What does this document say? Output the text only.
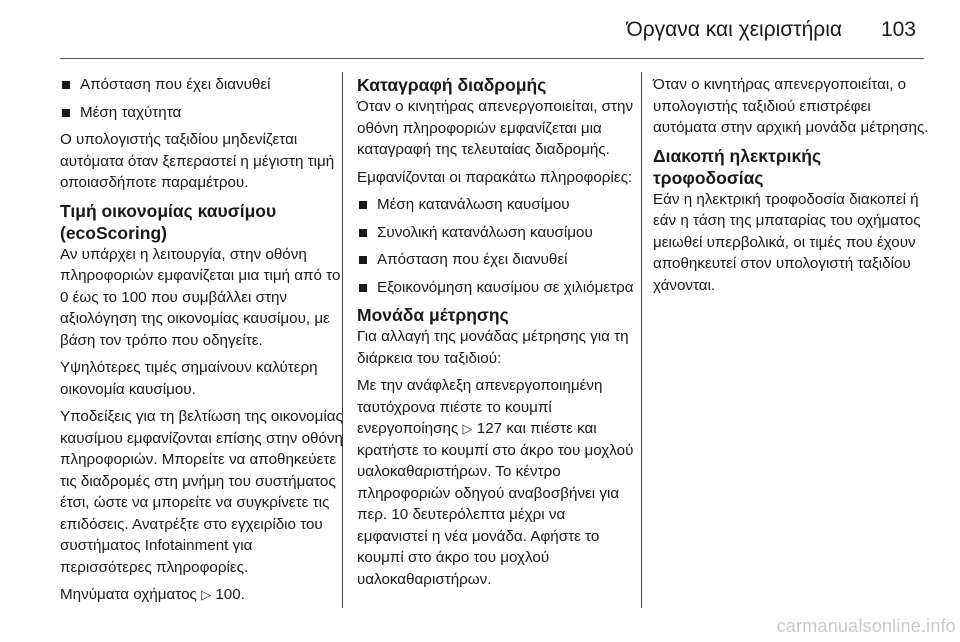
Όργανα και χειριστήρια 103
Απόσταση που έχει διανυθεί
Μέση ταχύτητα

Ο υπολογιστής ταξιδίου μηδενίζεται αυτόματα όταν ξεπεραστεί η μέγιστη τιμή οποιασδήποτε παραμέτρου.

Τιμή οικονομίας καυσίμου (ecoScoring)

Αν υπάρχει η λειτουργία, στην οθόνη πληροφοριών εμφανίζεται μια τιμή από το 0 έως το 100 που συμβάλλει στην αξιολόγηση της οικονομίας καυσίμου, με βάση τον τρόπο που οδηγείτε.

Υψηλότερες τιμές σημαίνουν καλύτερη οικονομία καυσίμου.

Υποδείξεις για τη βελτίωση της οικονομίας καυσίμου εμφανίζονται επίσης στην οθόνη πληροφοριών. Μπορείτε να αποθηκεύετε τις διαδρομές στη μνήμη του συστήματος έτσι, ώστε να μπορείτε να συγκρίνετε τις επιδόσεις. Ανατρέξτε στο εγχειρίδιο του συστήματος Infotainment για περισσότερες πληροφορίες.

Μηνύματα οχήματος ▷ 100.

Καταγραφή διαδρομής

Όταν ο κινητήρας απενεργοποιείται, στην οθόνη πληροφοριών εμφανίζεται μια καταγραφή της τελευταίας διαδρομής.

Εμφανίζονται οι παρακάτω πληροφορίες:

Μέση κατανάλωση καυσίμου
Συνολική κατανάλωση καυσίμου
Απόσταση που έχει διανυθεί
Εξοικονόμηση καυσίμου σε χιλιόμετρα
Μονάδα μέτρησης

Για αλλαγή της μονάδας μέτρησης για τη διάρκεια του ταξιδιού:

Με την ανάφλεξη απενεργοποιημένη ταυτόχρονα πιέστε το κουμπί ενεργοποίησης ▷ 127 και πιέστε και κρατήστε το κουμπί στο άκρο του μοχλού υαλοκαθαριστήρων. Το κέντρο πληροφοριών οδηγού αναβοσβήνει για περ. 10 δευτερόλεπτα μέχρι να εμφανιστεί η νέα μονάδα. Αφήστε το κουμπί στο άκρο του μοχλού υαλοκαθαριστήρων.

Όταν ο κινητήρας απενεργοποιείται, ο υπολογιστής ταξιδιού επιστρέφει αυτόματα στην αρχική μονάδα μέτρησης.

Διακοπή ηλεκτρικής τροφοδοσίας

Εάν η ηλεκτρική τροφοδοσία διακοπεί ή εάν η τάση της μπαταρίας του οχήματος μειωθεί υπερβολικά, οι τιμές που έχουν αποθηκευτεί στον υπολογιστή ταξιδίου χάνονται.

carmanualsonline.info
